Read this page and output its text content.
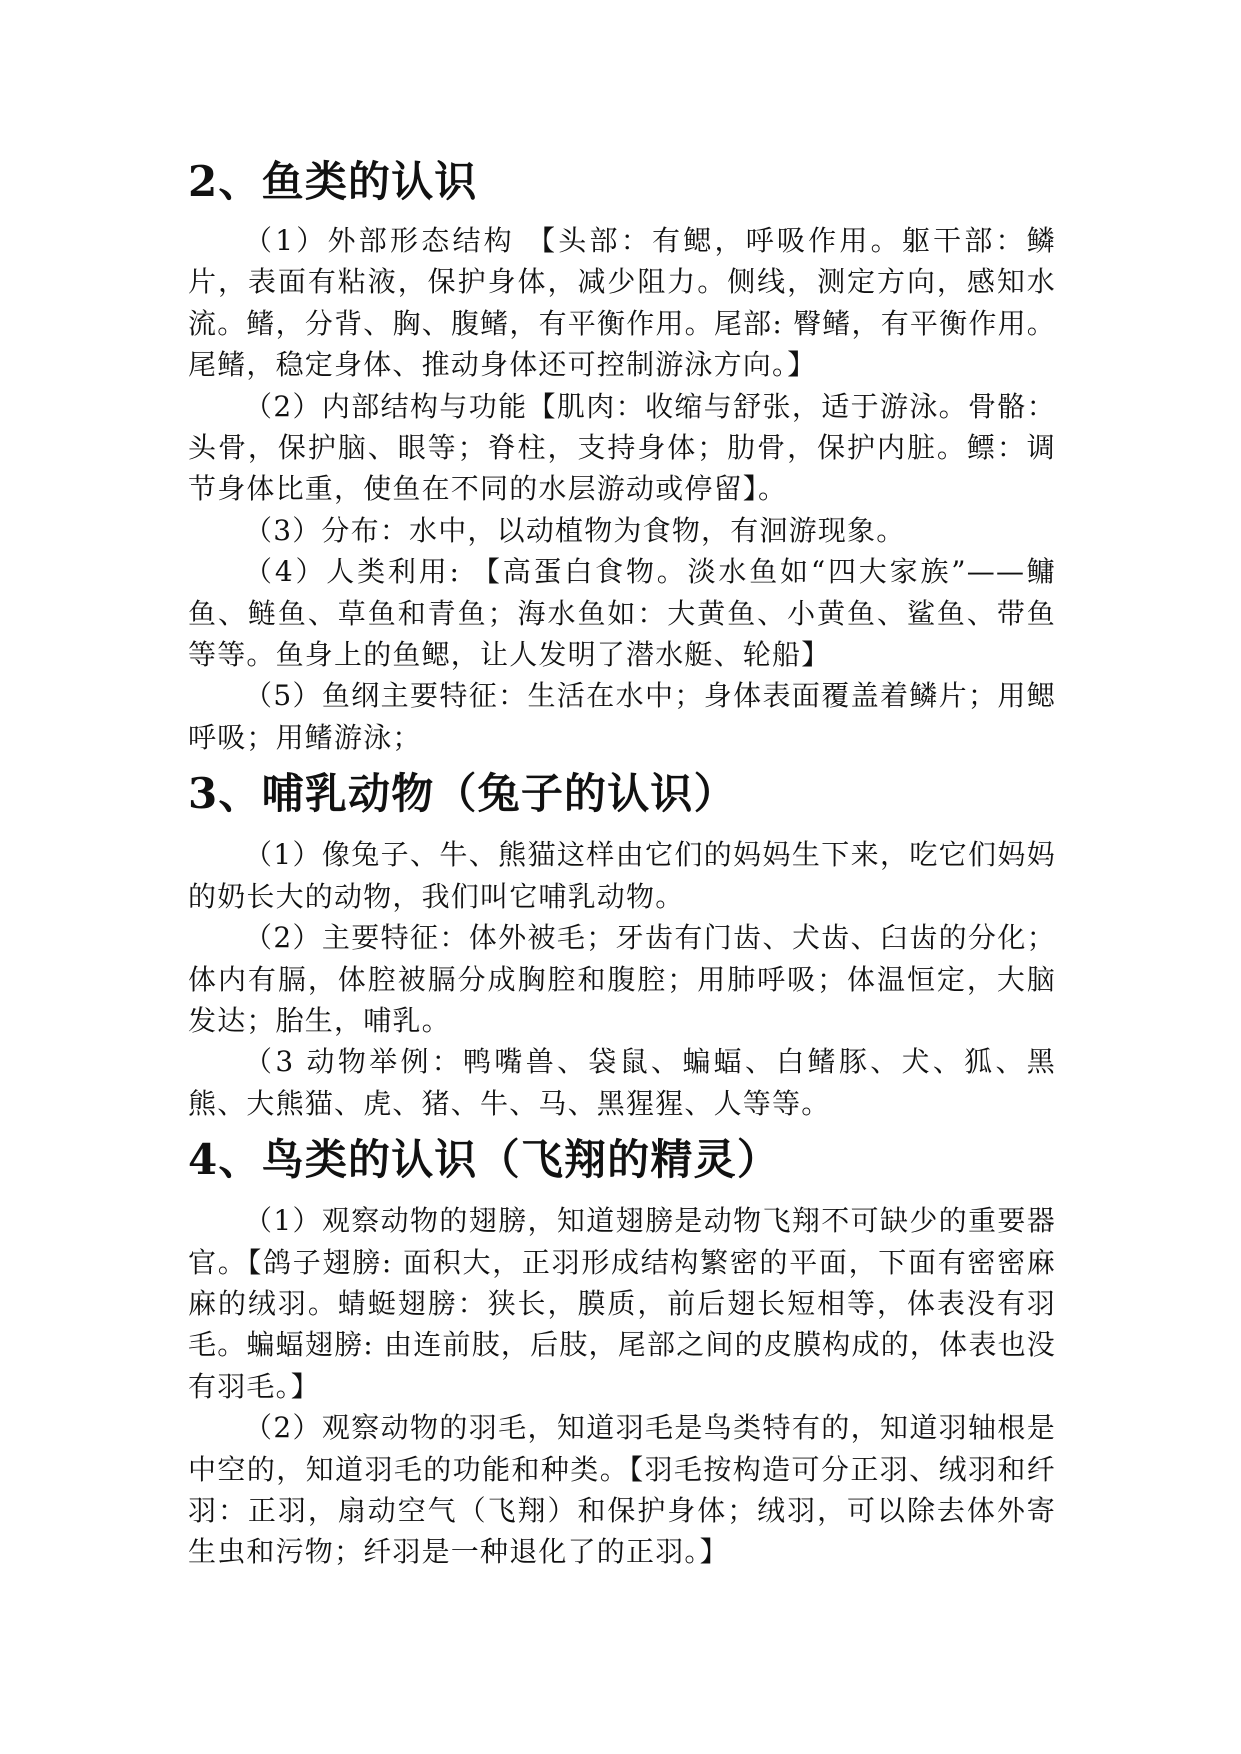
2、鱼类的认识

（1）外部形态结构 【头部：有鳃，呼吸作用。躯干部：鳞片，表面有粘液，保护身体，减少阻力。侧线，测定方向，感知水流。鳍，分背、胸、腹鳍，有平衡作用。尾部: 臀鳍，有平衡作用。尾鳍，稳定身体、推动身体还可控制游泳方向。】

（2）内部结构与功能【肌肉：收缩与舒张，适于游泳。骨骼：头骨，保护脑、眼等；脊柱，支持身体；肋骨，保护内脏。鳔：调节身体比重，使鱼在不同的水层游动或停留】。

（3）分布：水中，以动植物为食物，有洄游现象。

（4）人类利用: 【高蛋白食物。淡水鱼如“四大家族”——鳙鱼、鲢鱼、草鱼和青鱼；海水鱼如：大黄鱼、小黄鱼、鲨鱼、带鱼等等。鱼身上的鱼鳃，让人发明了潜水艇、轮船】

（5）鱼纲主要特征：生活在水中；身体表面覆盖着鳞片；用鳃呼吸；用鳍游泳；

3、哺乳动物（兔子的认识）

（1）像兔子、牛、熊猫这样由它们的妈妈生下来，吃它们妈妈的奶长大的动物，我们叫它哺乳动物。

（2）主要特征：体外被毛；牙齿有门齿、犬齿、臼齿的分化；体内有膈，体腔被膈分成胸腔和腹腔；用肺呼吸；体温恒定，大脑发达；胎生，哺乳。

（3 动物举例：鸭嘴兽、袋鼠、蝙蝠、白鳍豚、犬、狐、黑熊、大熊猫、虎、猪、牛、马、黑猩猩、人等等。

4、鸟类的认识（飞翔的精灵）

（1）观察动物的翅膀，知道翅膀是动物飞翔不可缺少的重要器官。【鸽子翅膀: 面积大，正羽形成结构繁密的平面，下面有密密麻麻的绒羽。蜻蜓翅膀：狭长，膜质，前后翅长短相等，体表没有羽毛。蝙蝠翅膀: 由连前肢，后肢，尾部之间的皮膜构成的，体表也没有羽毛。】

（2）观察动物的羽毛，知道羽毛是鸟类特有的，知道羽轴根是中空的，知道羽毛的功能和种类。【羽毛按构造可分正羽、绒羽和纤羽：正羽，扇动空气（飞翔）和保护身体；绒羽，可以除去体外寄生虫和污物；纤羽是一种退化了的正羽。】
